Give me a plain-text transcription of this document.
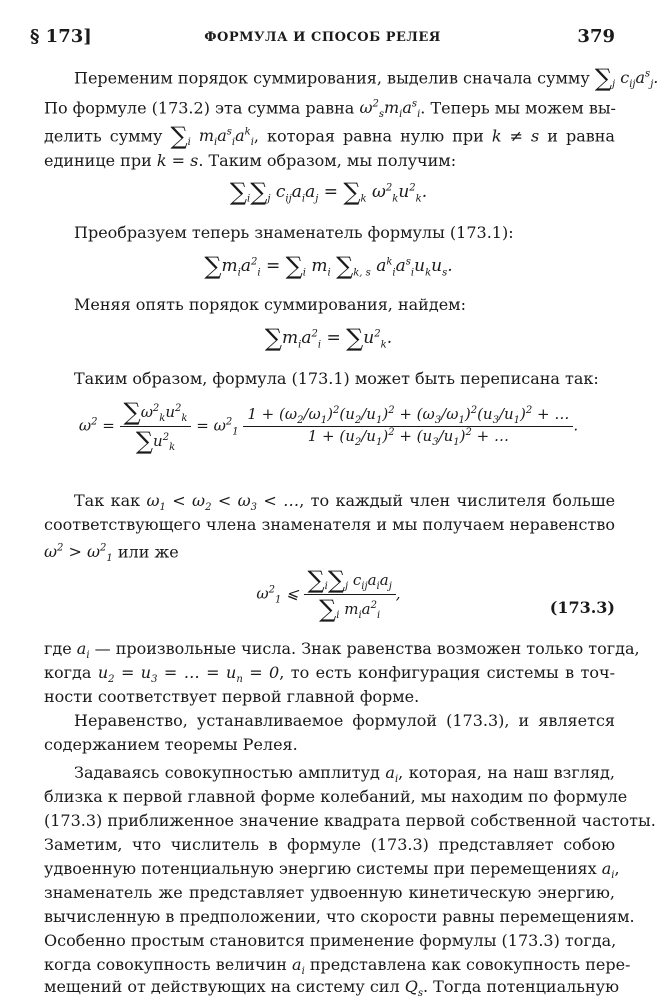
§ 173]	ФОРМУЛА И СПОСОБ РЕЛЕЯ	379
Переменим порядок суммирования, выделив сначала сумму $\sum_j$ $c_{ij}a^s_j$.
По формуле (173.2) эта сумма равна $\omega^2_sm_ia^s_i$. Теперь мы можем вы-
делить сумму $\sum_i$ $m_ia^s_ia^k_i$, которая равна нулю при k ≠ s и равна
единице при k = s. Таким образом, мы получим:
$\sum_i\sum_j$ $c_{ij}a_ia_j = \sum_k$ $\omega^2_ku^2_k$.
Преобразуем теперь знаменатель формулы (173.1):
$\sum m_ia^2_i = \sum_i$ $m_i$ $\sum_{k, s}$ $a^k_ia^s_iu_ku_s$.
Меняя опять порядок суммирования, найдем:
$\sum m_ia^2_i = \sum u^2_k$.
Таким образом, формула (173.1) может быть переписана так:
$\omega^2 = \frac{\sum\omega^2_ku^2_k}{\sum u^2_k} = \omega^2_1 \frac{1 + (\omega_2/\omega_1)^2(u_2/u_1)^2 + (\omega_3/\omega_1)^2(u_3/u_1)^2 + \dots}{1 + (u_2/u_1)^2 + (u_3/u_1)^2 + \dots}$ .
Так как $\omega_1 < \omega_2 < \omega_3$ < …, то каждый член числителя больше
соответствующего члена знаменателя и мы получаем неравенство
$\omega^2 > \omega^2_1$ или же
$\omega^2_1$ ⩽ $\frac{\sum_i\sum_j c_{ij}a_ia_j}{\sum_i m_ia^2_i}$ ,
(173.3)
где $a_i$ — произвольные числа. Знак равенства возможен только тогда,
когда $u_2 = u_3$ = … = $u_n = 0$, то есть конфигурация системы в точ-
ности соответствует первой главной форме.
Неравенство, устанавливаемое формулой (173.3), и является
содержанием теоремы Релея.
Задаваясь совокупностью амплитуд $a_i$, которая, на наш взгляд,
близка к первой главной форме колебаний, мы находим по формуле
(173.3) приближенное значение квадрата первой собственной частоты.
Заметим, что числитель в формуле (173.3) представляет собою
удвоенную потенциальную энергию системы при перемещениях $a_i$,
знаменатель же представляет удвоенную кинетическую энергию,
вычисленную в предположении, что скорости равны перемещениям.
Особенно простым становится применение формулы (173.3) тогда,
когда совокупность величин $a_i$ представлена как совокупность пере-
мещений от действующих на систему сил $Q_s$. Тогда потенциальную
